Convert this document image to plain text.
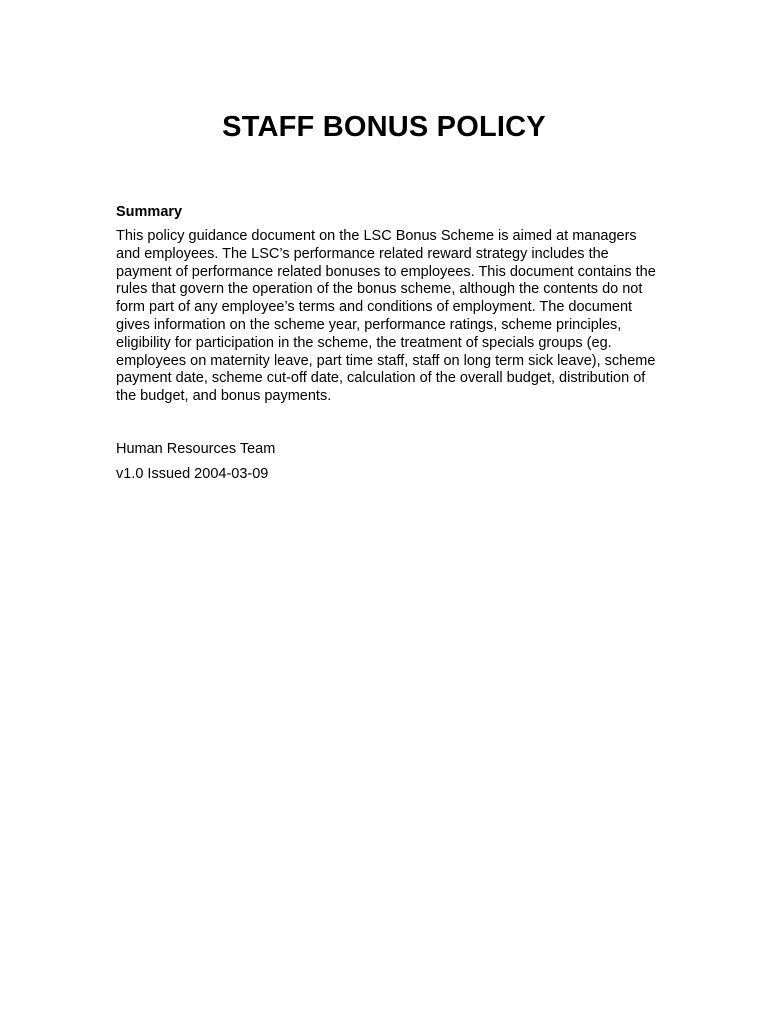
STAFF BONUS POLICY
Summary

This policy guidance document on the LSC Bonus Scheme is aimed at managers and employees. The LSC’s performance related reward strategy includes the payment of performance related bonuses to employees. This document contains the rules that govern the operation of the bonus scheme, although the contents do not form part of any employee’s terms and conditions of employment. The document gives information on the scheme year, performance ratings, scheme principles, eligibility for participation in the scheme, the treatment of specials groups (eg. employees on maternity leave, part time staff, staff on long term sick leave), scheme payment date, scheme cut-off date, calculation of the overall budget, distribution of the budget, and bonus payments.

Human Resources Team
v1.0 Issued 2004-03-09
